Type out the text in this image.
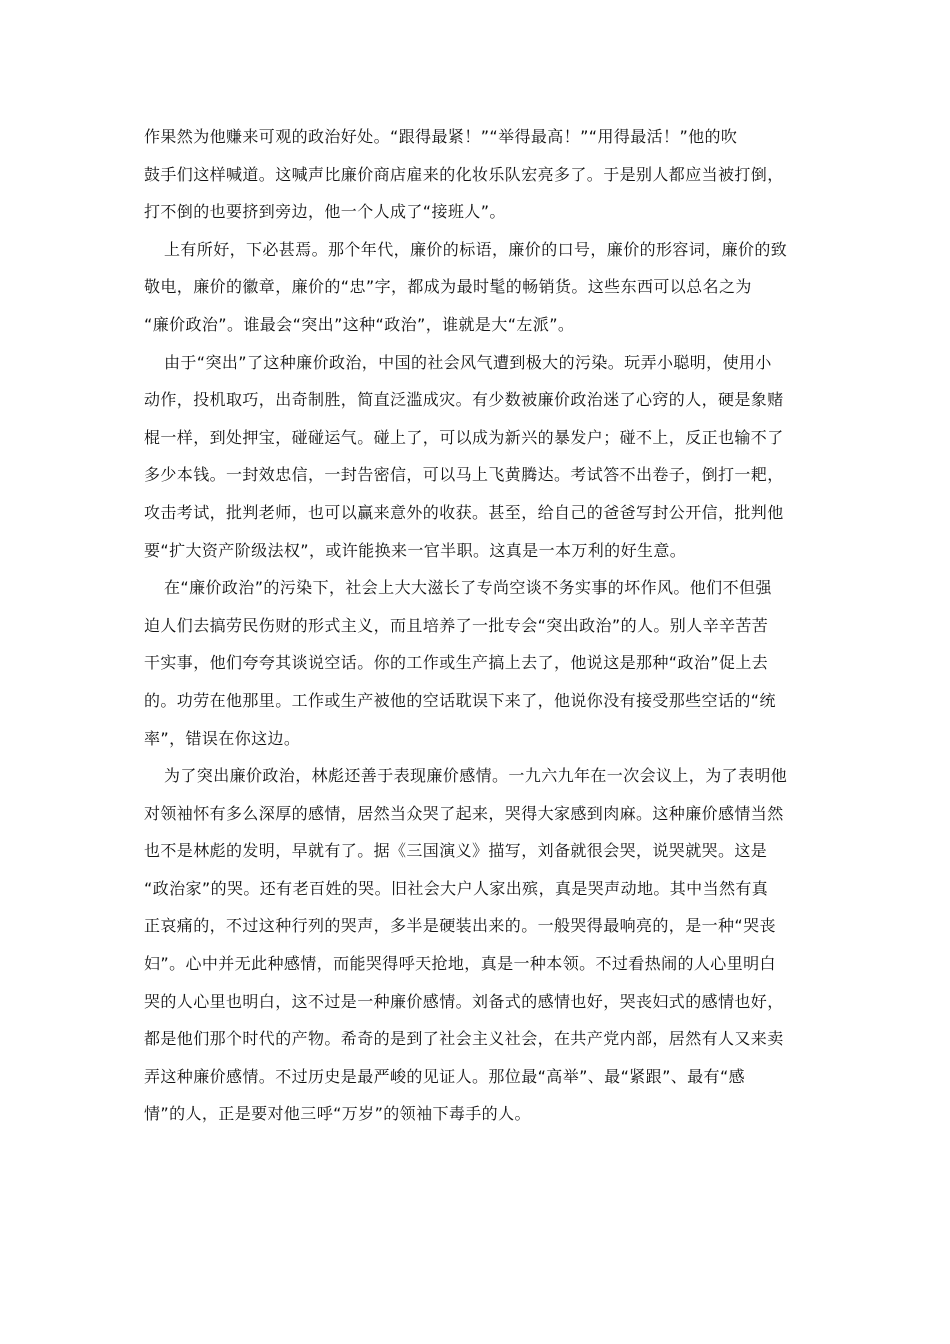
作果然为他赚来可观的政治好处。“跟得最紧！”“举得最高！”“用得最活！”他的吹
鼓手们这样喊道。这喊声比廉价商店雇来的化妆乐队宏亮多了。于是别人都应当被打倒，
打不倒的也要挤到旁边，他一个人成了“接班人”。
上有所好，下必甚焉。那个年代，廉价的标语，廉价的口号，廉价的形容词，廉价的致
敬电，廉价的徽章，廉价的“忠”字，都成为最时髦的畅销货。这些东西可以总名之为
“廉价政治”。谁最会“突出”这种“政治”，谁就是大“左派”。
由于“突出”了这种廉价政治，中国的社会风气遭到极大的污染。玩弄小聪明，使用小
动作，投机取巧，出奇制胜，简直泛滥成灾。有少数被廉价政治迷了心窍的人，硬是象赌
棍一样，到处押宝，碰碰运气。碰上了，可以成为新兴的暴发户；碰不上，反正也输不了
多少本钱。一封效忠信，一封告密信，可以马上飞黄腾达。考试答不出卷子，倒打一耙，
攻击考试，批判老师，也可以赢来意外的收获。甚至，给自己的爸爸写封公开信，批判他
要“扩大资产阶级法权”，或许能换来一官半职。这真是一本万利的好生意。
在“廉价政治”的污染下，社会上大大滋长了专尚空谈不务实事的坏作风。他们不但强
迫人们去搞劳民伤财的形式主义，而且培养了一批专会“突出政治”的人。别人辛辛苦苦
干实事，他们夸夸其谈说空话。你的工作或生产搞上去了，他说这是那种“政治”促上去
的。功劳在他那里。工作或生产被他的空话耽误下来了，他说你没有接受那些空话的“统
率”，错误在你这边。
为了突出廉价政治，林彪还善于表现廉价感情。一九六九年在一次会议上，为了表明他
对领袖怀有多么深厚的感情，居然当众哭了起来，哭得大家感到肉麻。这种廉价感情当然
也不是林彪的发明，早就有了。据《三国演义》描写，刘备就很会哭，说哭就哭。这是
“政治家”的哭。还有老百姓的哭。旧社会大户人家出殡，真是哭声动地。其中当然有真
正哀痛的，不过这种行列的哭声，多半是硬装出来的。一般哭得最响亮的，是一种“哭丧
妇”。心中并无此种感情，而能哭得呼天抢地，真是一种本领。不过看热闹的人心里明白
哭的人心里也明白，这不过是一种廉价感情。刘备式的感情也好，哭丧妇式的感情也好，
都是他们那个时代的产物。希奇的是到了社会主义社会，在共产党内部，居然有人又来卖
弄这种廉价感情。不过历史是最严峻的见证人。那位最“高举”、最“紧跟”、最有“感
情”的人，正是要对他三呼“万岁”的领袖下毒手的人。
